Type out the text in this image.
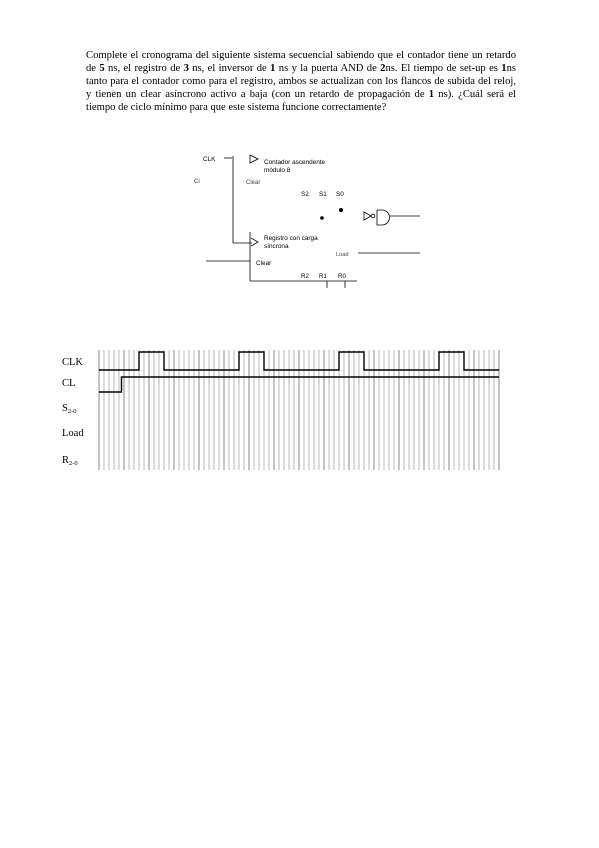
Complete el cronograma del siguiente sistema secuencial sabiendo que el contador tiene un retardo de 5 ns, el registro de 3 ns, el inversor de 1 ns y la puerta AND de 2ns. El tiempo de set-up es 1ns tanto para el contador como para el registro, ambos se actualizan con los flancos de subida del reloj, y tienen un clear asíncrono activo a baja (con un retardo de propagación de 1 ns). ¿Cuál será el tiempo de ciclo mínimo para que este sistema funcione correctamente?

CLK
Cl
Contador ascendente
módulo 8
Clear
S2 S1 S0
Registro con carga
síncrona
Clear
Load
R2 R1 R0
CLK
CL
S2-0
Load
R2-0
